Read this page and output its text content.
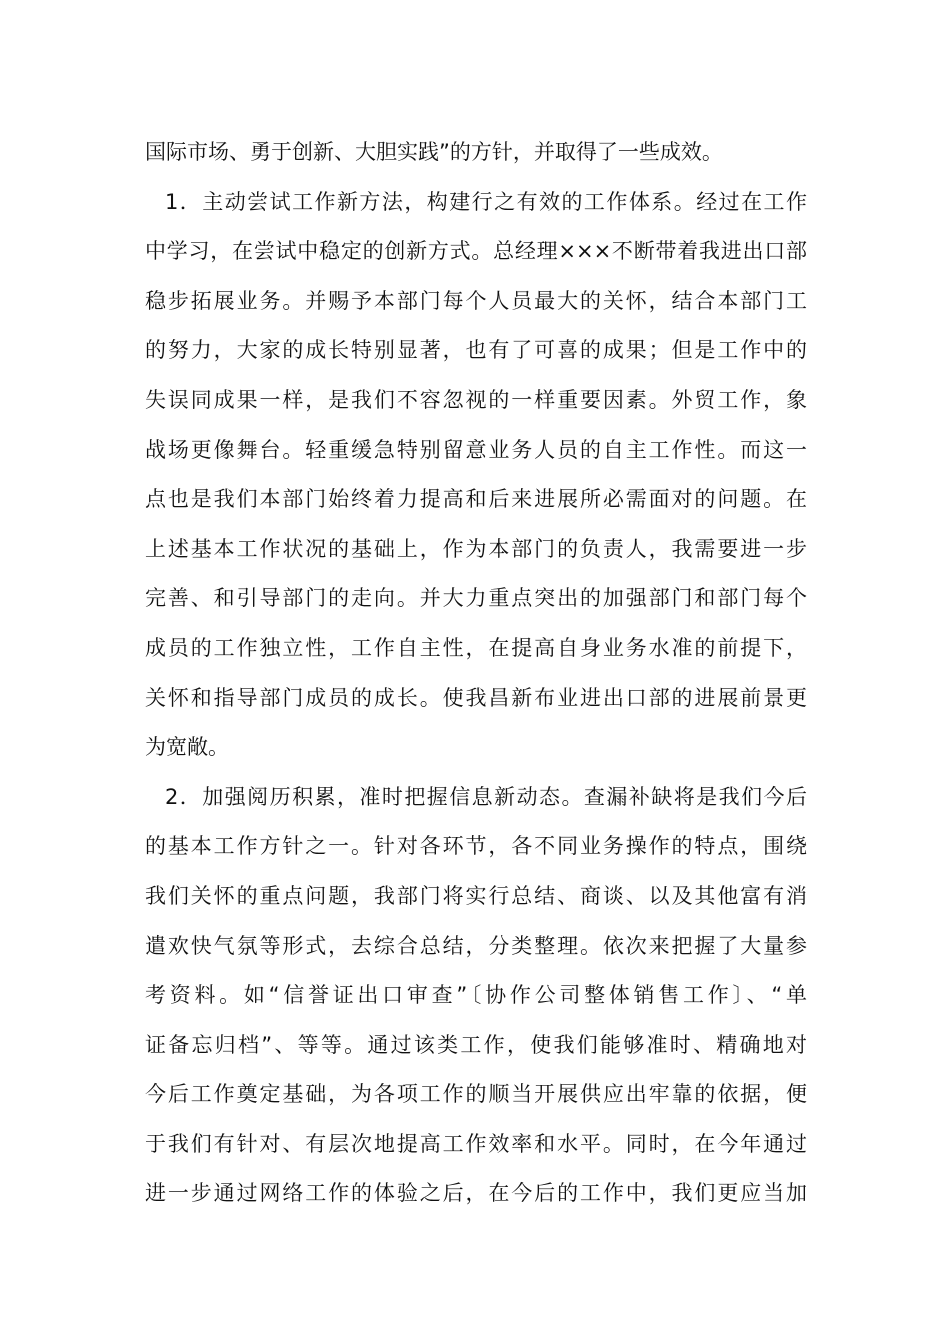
国际市场、勇于创新、大胆实践”的方针，并取得了一些成效。
1．主动尝试工作新方法，构建行之有效的工作体系。经过在工作
中学习，在尝试中稳定的创新方式。总经理×××不断带着我进出口部
稳步拓展业务。并赐予本部门每个人员最大的关怀，结合本部门工
的努力，大家的成长特别显著，也有了可喜的成果；但是工作中的
失误同成果一样，是我们不容忽视的一样重要因素。外贸工作，象
战场更像舞台。轻重缓急特别留意业务人员的自主工作性。而这一
点也是我们本部门始终着力提高和后来进展所必需面对的问题。在
上述基本工作状况的基础上，作为本部门的负责人，我需要进一步
完善、和引导部门的走向。并大力重点突出的加强部门和部门每个
成员的工作独立性，工作自主性，在提高自身业务水准的前提下，
关怀和指导部门成员的成长。使我昌新布业进出口部的进展前景更
为宽敞。
2．加强阅历积累，准时把握信息新动态。查漏补缺将是我们今后
的基本工作方针之一。针对各环节，各不同业务操作的特点，围绕
我们关怀的重点问题，我部门将实行总结、商谈、以及其他富有消
遣欢快气氛等形式，去综合总结，分类整理。依次来把握了大量参
考资料。如“信誉证出口审查”〔协作公司整体销售工作〕、“单
证备忘归档”、等等。通过该类工作，使我们能够准时、精确地对
今后工作奠定基础，为各项工作的顺当开展供应出牢靠的依据，便
于我们有针对、有层次地提高工作效率和水平。同时，在今年通过
进一步通过网络工作的体验之后，在今后的工作中，我们更应当加
